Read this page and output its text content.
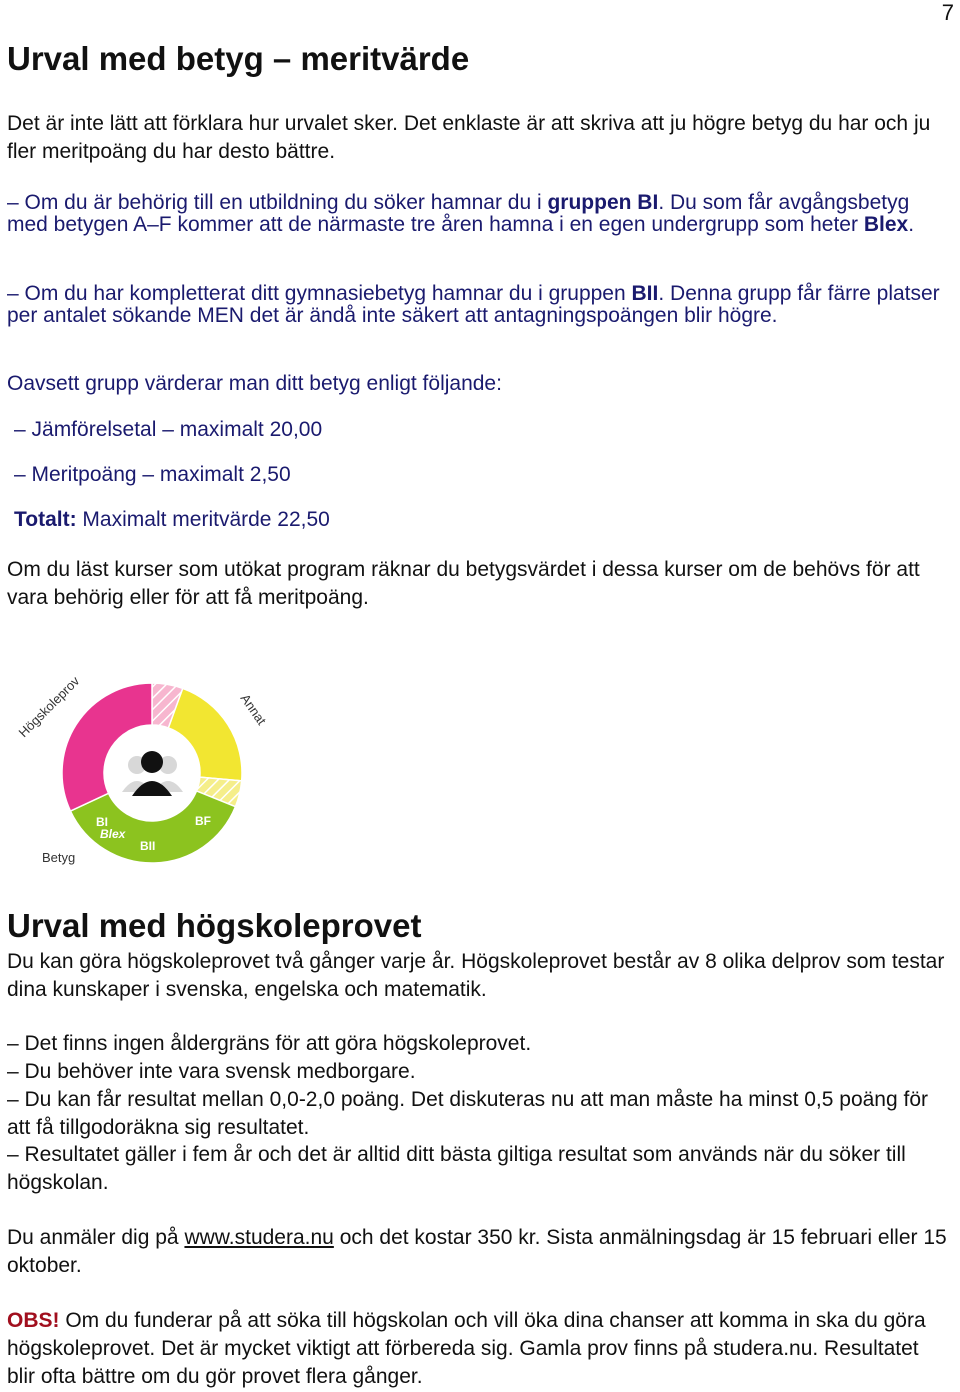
7
Urval med betyg – meritvärde

Det är inte lätt att förklara hur urvalet sker. Det enklaste är att skriva att ju högre betyg du har och ju fler meritpoäng du har desto bättre.

– Om du är behörig till en utbildning du söker hamnar du i gruppen BI. Du som får avgångsbetyg med betygen A–F kommer att de närmaste tre åren hamna i en egen undergrupp som heter Blex.

– Om du har kompletterat ditt gymnasiebetyg hamnar du i gruppen BII. Denna grupp får färre platser per antalet sökande MEN det är ändå inte säkert att antagningspoängen blir högre.

Oavsett grupp värderar man ditt betyg enligt följande:

– Jämförelsetal – maximalt 20,00

– Meritpoäng – maximalt 2,50

Totalt: Maximalt meritvärde 22,50

Om du läst kurser som utökat program räknar du betygsvärdet i dessa kurser om de behövs för att vara behörig eller för att få meritpoäng.

Högskoleprov	Annat
Betyg
BI
Blex
BII
BF
Urval med högskoleprovet

Du kan göra högskoleprovet två gånger varje år. Högskoleprovet består av 8 olika delprov som testar dina kunskaper i svenska, engelska och matematik.

– Det finns ingen åldergräns för att göra högskoleprovet.

– Du behöver inte vara svensk medborgare.

– Du kan får resultat mellan 0,0-2,0 poäng. Det diskuteras nu att man måste ha minst 0,5 poäng för att få tillgodoräkna sig resultatet.

– Resultatet gäller i fem år och det är alltid ditt bästa giltiga resultat som används när du söker till högskolan.

Du anmäler dig på www.studera.nu och det kostar 350 kr. Sista anmälningsdag är 15 februari eller 15 oktober.

OBS! Om du funderar på att söka till högskolan och vill öka dina chanser att komma in ska du göra högskoleprovet. Det är mycket viktigt att förbereda sig. Gamla prov finns på studera.nu. Resultatet blir ofta bättre om du gör provet flera gånger.
